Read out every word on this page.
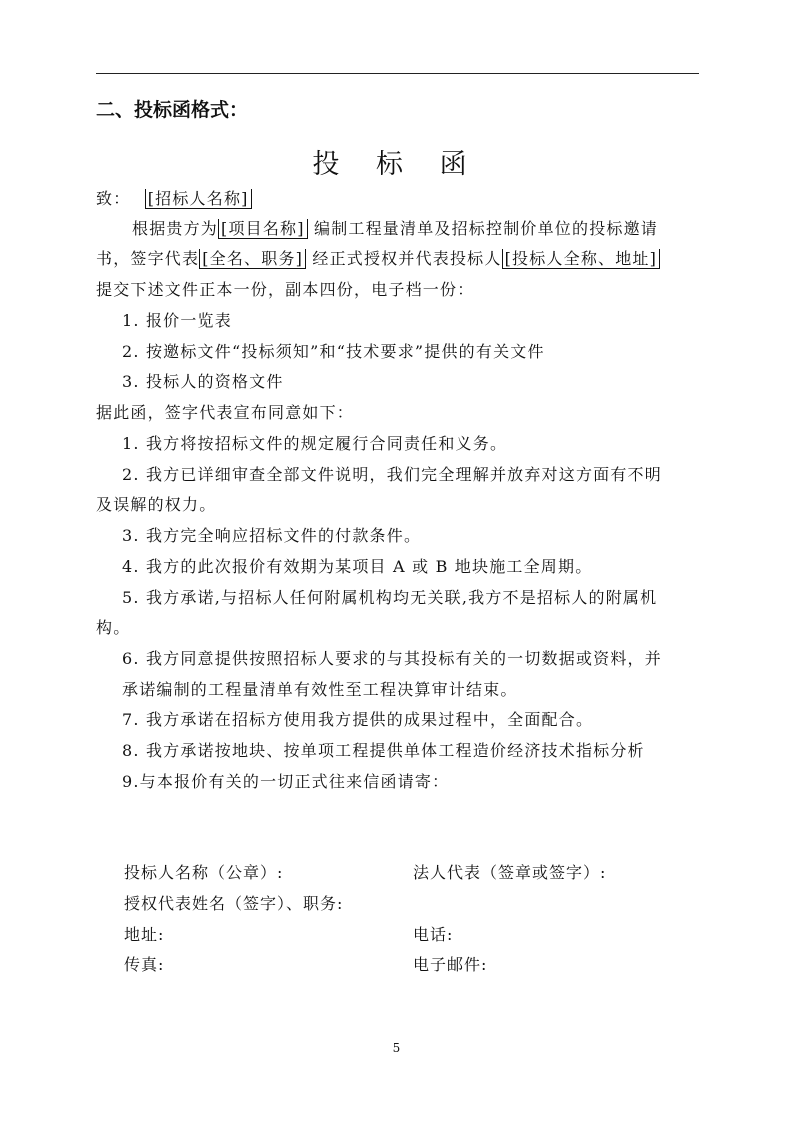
二、投标函格式：
投 标 函
致： [招标人名称]
根据贵方为 [项目名称] 编制工程量清单及招标控制价单位的投标邀请
书，签字代表 [全名、职务] 经正式授权并代表投标人 [投标人全称、地址]
提交下述文件正本一份，副本四份，电子档一份：
1. 报价一览表
2. 按邀标文件“投标须知”和“技术要求”提供的有关文件
3. 投标人的资格文件
据此函，签字代表宣布同意如下：
1. 我方将按招标文件的规定履行合同责任和义务。
2. 我方已详细审查全部文件说明，我们完全理解并放弃对这方面有不明
及误解的权力。
3. 我方完全响应招标文件的付款条件。
4. 我方的此次报价有效期为某项目 A 或 B 地块施工全周期。
5. 我方承诺,与招标人任何附属机构均无关联,我方不是招标人的附属机
构。
6. 我方同意提供按照招标人要求的与其投标有关的一切数据或资料，并
承诺编制的工程量清单有效性至工程决算审计结束。
7. 我方承诺在招标方使用我方提供的成果过程中，全面配合。
8. 我方承诺按地块、按单项工程提供单体工程造价经济技术指标分析
9.与本报价有关的一切正式往来信函请寄：
投标人名称（公章）:	法人代表（签章或签字）:
授权代表姓名（签字）、职务:
地址:	电话:
传真:	电子邮件:
5
